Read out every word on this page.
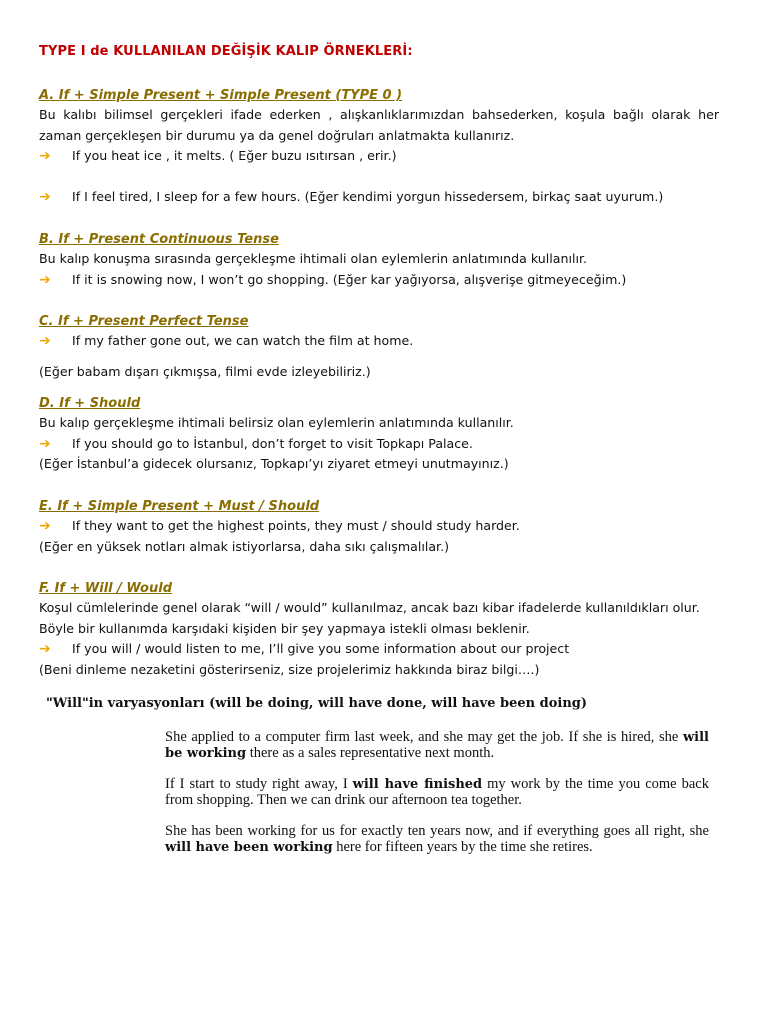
TYPE I de KULLANILAN DEĞİŞİK KALIP ÖRNEKLERİ:
A. If + Simple Present + Simple Present (TYPE 0 )
Bu kalıbı bilimsel gerçekleri ifade ederken , alışkanlıklarımızdan bahsederken, koşula bağlı olarak her zaman gerçekleşen bir durumu ya da genel doğruları anlatmakta kullanırız.
➔	If you heat ice , it melts. ( Eğer buzu ısıtırsan , erir.)
➔	If I feel tired, I sleep for a few hours. (Eğer kendimi yorgun hissedersem, birkaç saat uyurum.)
B. If + Present Continuous Tense
Bu kalıp konuşma sırasında gerçekleşme ihtimali olan eylemlerin anlatımında kullanılır.
➔	If it is snowing now, I won’t go shopping. (Eğer kar yağıyorsa, alışverişe gitmeyeceğim.)
C. If + Present Perfect Tense
➔	If my father gone out, we can watch the film at home.
(Eğer babam dışarı çıkmışsa, filmi evde izleyebiliriz.)
D. If + Should
Bu kalıp gerçekleşme ihtimali belirsiz olan eylemlerin anlatımında kullanılır.
➔	If you should go to İstanbul, don’t forget to visit Topkapı Palace.
(Eğer İstanbul’a gidecek olursanız, Topkapı’yı ziyaret etmeyi unutmayınız.)
E. If + Simple Present + Must / Should
➔	If they want to get the highest points, they must / should study harder.
(Eğer en yüksek notları almak istiyorlarsa, daha sıkı çalışmalılar.)
F. If + Will / Would
Koşul cümlelerinde genel olarak “will / would” kullanılmaz, ancak bazı kibar ifadelerde kullanıldıkları olur.
Böyle bir kullanımda karşıdaki kişiden bir şey yapmaya istekli olması beklenir.
➔	If you will / would listen to me, I’ll give you some information about our project
(Beni dinleme nezaketini gösterirseniz, size projelerimiz hakkında biraz bilgi….)
"Will"in varyasyonları (will be doing, will have done, will have been doing)

She applied to a computer firm last week, and she may get the job. If she is hired, she will be working there as a sales representative next month.

If I start to study right away, I will have finished my work by the time you come back from shopping. Then we can drink our afternoon tea together.

She has been working for us for exactly ten years now, and if everything goes all right, she will have been working here for fifteen years by the time she retires.
